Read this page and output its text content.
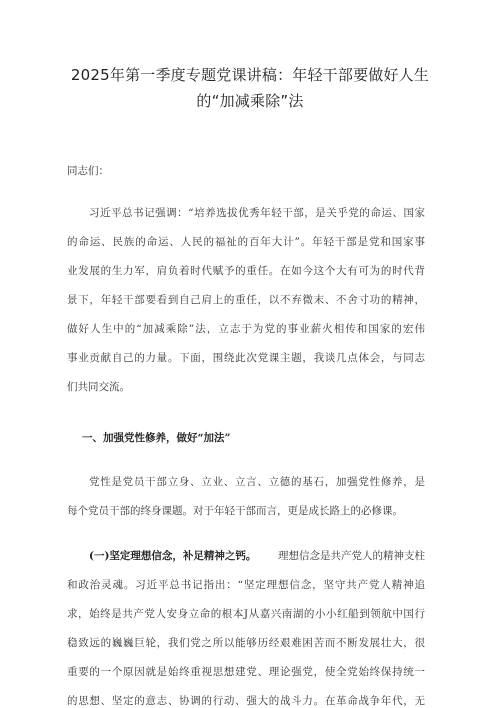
2025年第一季度专题党课讲稿：年轻干部要做好人生
的“加减乘除”法
同志们：
习近平总书记强调：“培养选拔优秀年轻干部，是关乎党的命运、国家
的命运、民族的命运、人民的福祉的百年大计”。年轻干部是党和国家事
业发展的生力军，肩负着时代赋予的重任。在如今这个大有可为的时代背
景下，年轻干部要看到自己肩上的重任，以不弃微末、不舍寸功的精神，
做好人生中的“加减乘除”法，立志于为党的事业薪火相传和国家的宏伟
事业贡献自己的力量。下面，围绕此次党课主题，我谈几点体会，与同志
们共同交流。
一、加强党性修养，做好“加法”
党性是党员干部立身、立业、立言、立德的基石，加强党性修养，是
每个党员干部的终身课题。对于年轻干部而言，更是成长路上的必修课。
(一)坚定理想信念，补足精神之钙。 理想信念是共产党人的精神支柱
和政治灵魂。习近平总书记指出：“坚定理想信念，坚守共产党人精神追
求，始终是共产党人安身立命的根本J从嘉兴南湖的小小红船到领航中国行
稳致远的巍巍巨轮，我们党之所以能够历经艰难困苦而不断发展壮大，很
重要的一个原因就是始终重视思想建党、理论强党，使全党始终保持统一
的思想、坚定的意志、协调的行动、强大的战斗力。在革命战争年代，无
